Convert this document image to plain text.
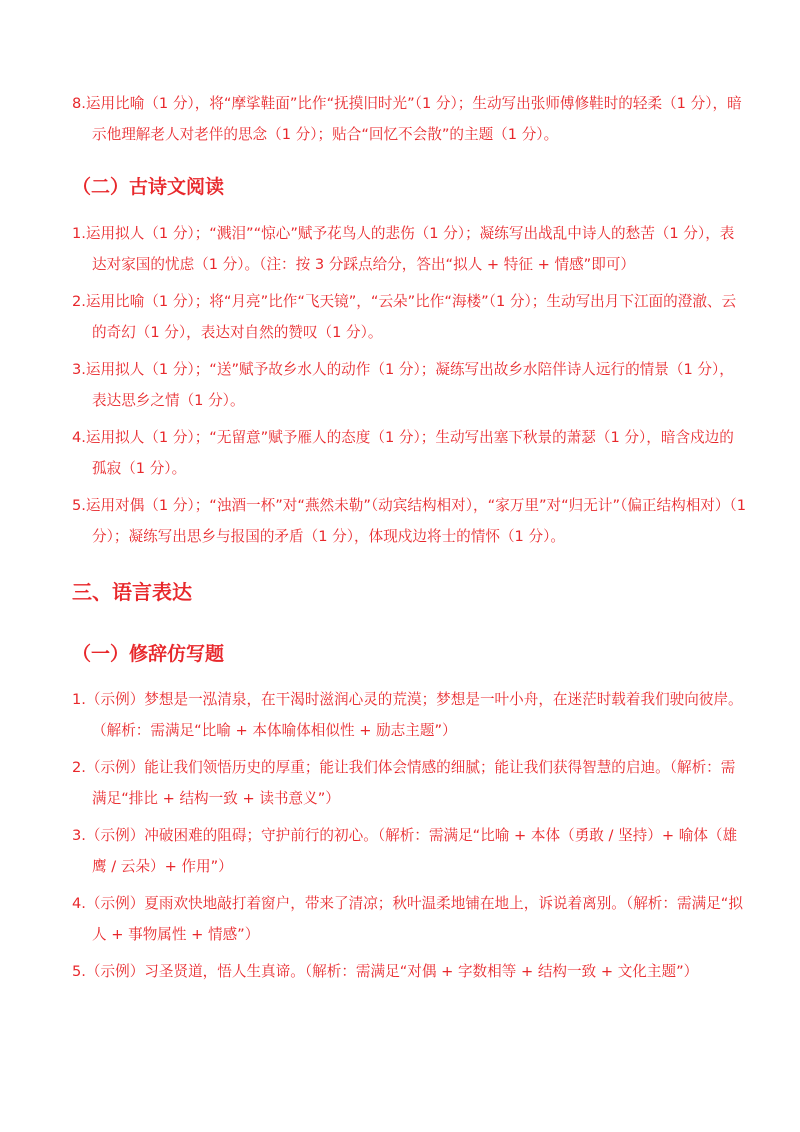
8.运用比喻（1 分），将“摩挲鞋面”比作“抚摸旧时光”（1 分）；生动写出张师傅修鞋时的轻柔（1 分），暗示他理解老人对老伴的思念（1 分）；贴合“回忆不会散”的主题（1 分）。
（二）古诗文阅读
1.运用拟人（1 分）；“溅泪”“惊心”赋予花鸟人的悲伤（1 分）；凝练写出战乱中诗人的愁苦（1 分），表达对家国的忧虑（1 分）。（注：按 3 分踩点给分，答出“拟人 + 特征 + 情感”即可）
2.运用比喻（1 分）；将“月亮”比作“飞天镜”，“云朵”比作“海楼”（1 分）；生动写出月下江面的澄澈、云的奇幻（1 分），表达对自然的赞叹（1 分）。
3.运用拟人（1 分）；“送”赋予故乡水人的动作（1 分）；凝练写出故乡水陪伴诗人远行的情景（1 分），表达思乡之情（1 分）。
4.运用拟人（1 分）；“无留意”赋予雁人的态度（1 分）；生动写出塞下秋景的萧瑟（1 分），暗含戍边的孤寂（1 分）。
5.运用对偶（1 分）；“浊酒一杯”对“燕然未勒”（动宾结构相对），“家万里”对“归无计”（偏正结构相对）（1 分）；凝练写出思乡与报国的矛盾（1 分），体现戍边将士的情怀（1 分）。
三、语言表达
（一）修辞仿写题
1.（示例）梦想是一泓清泉，在干渴时滋润心灵的荒漠；梦想是一叶小舟，在迷茫时载着我们驶向彼岸。（解析：需满足“比喻 + 本体喻体相似性 + 励志主题”）
2.（示例）能让我们领悟历史的厚重；能让我们体会情感的细腻；能让我们获得智慧的启迪。（解析：需满足“排比 + 结构一致 + 读书意义”）
3.（示例）冲破困难的阻碍；守护前行的初心。（解析：需满足“比喻 + 本体（勇敢 / 坚持）+ 喻体（雄鹰 / 云朵）+ 作用”）
4.（示例）夏雨欢快地敲打着窗户，带来了清凉；秋叶温柔地铺在地上，诉说着离别。（解析：需满足“拟人 + 事物属性 + 情感”）
5.（示例）习圣贤道，悟人生真谛。（解析：需满足“对偶 + 字数相等 + 结构一致 + 文化主题”）
